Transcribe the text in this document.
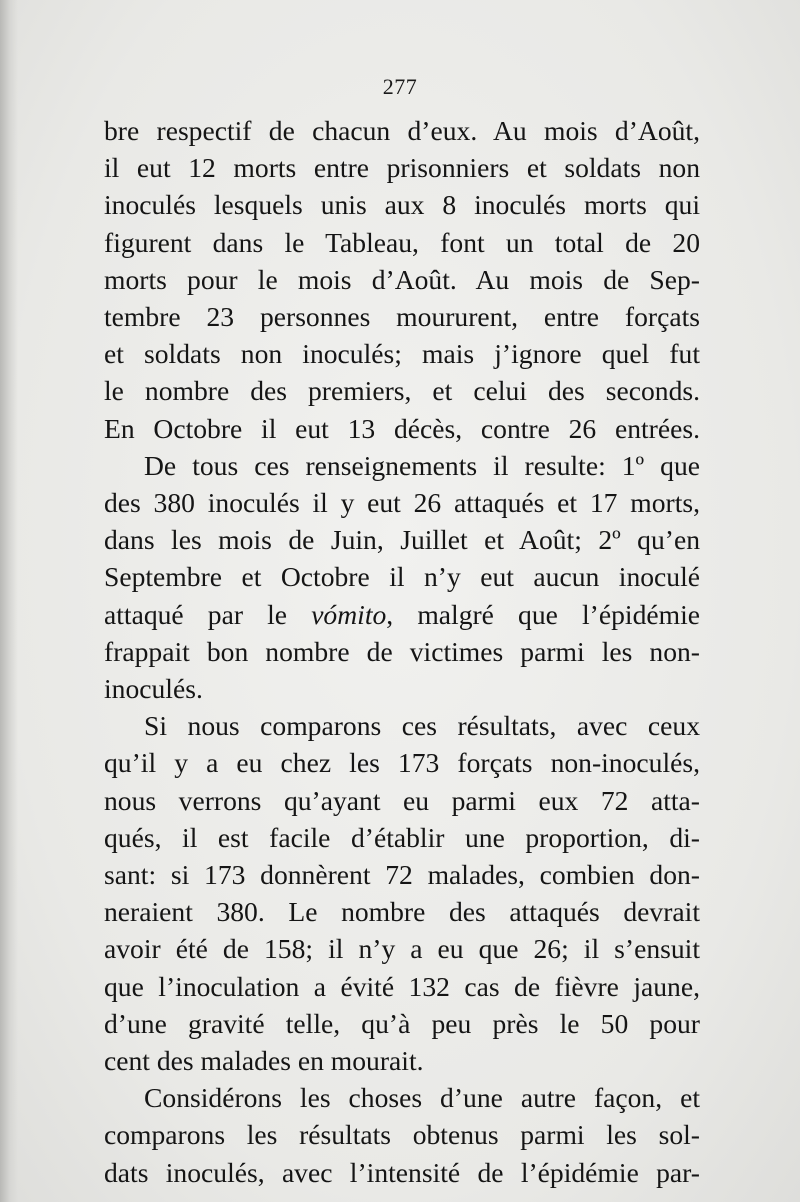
277

bre respectif de chacun d’eux. Au mois d’Août,
il eut 12 morts entre prisonniers et soldats non
inoculés lesquels unis aux 8 inoculés morts qui
figurent dans le Tableau, font un total de 20
morts pour le mois d’Août. Au mois de Sep-
tembre 23 personnes moururent, entre forçats
et soldats non inoculés; mais j’ignore quel fut
le nombre des premiers, et celui des seconds.
En Octobre il eut 13 décès, contre 26 entrées.

De tous ces renseignements il resulte: 1º que
des 380 inoculés il y eut 26 attaqués et 17 morts,
dans les mois de Juin, Juillet et Août; 2º qu’en
Septembre et Octobre il n’y eut aucun inoculé
attaqué par le vómito, malgré que l’épidémie
frappait bon nombre de victimes parmi les non-
inoculés.

Si nous comparons ces résultats, avec ceux
qu’il y a eu chez les 173 forçats non-inoculés,
nous verrons qu’ayant eu parmi eux 72 atta-
qués, il est facile d’établir une proportion, di-
sant: si 173 donnèrent 72 malades, combien don-
neraient 380. Le nombre des attaqués devrait
avoir été de 158; il n’y a eu que 26; il s’ensuit
que l’inoculation a évité 132 cas de fièvre jaune,
d’une gravité telle, qu’à peu près le 50 pour
cent des malades en mourait.

Considérons les choses d’une autre façon, et
comparons les résultats obtenus parmi les sol-
dats inoculés, avec l’intensité de l’épidémie par-
